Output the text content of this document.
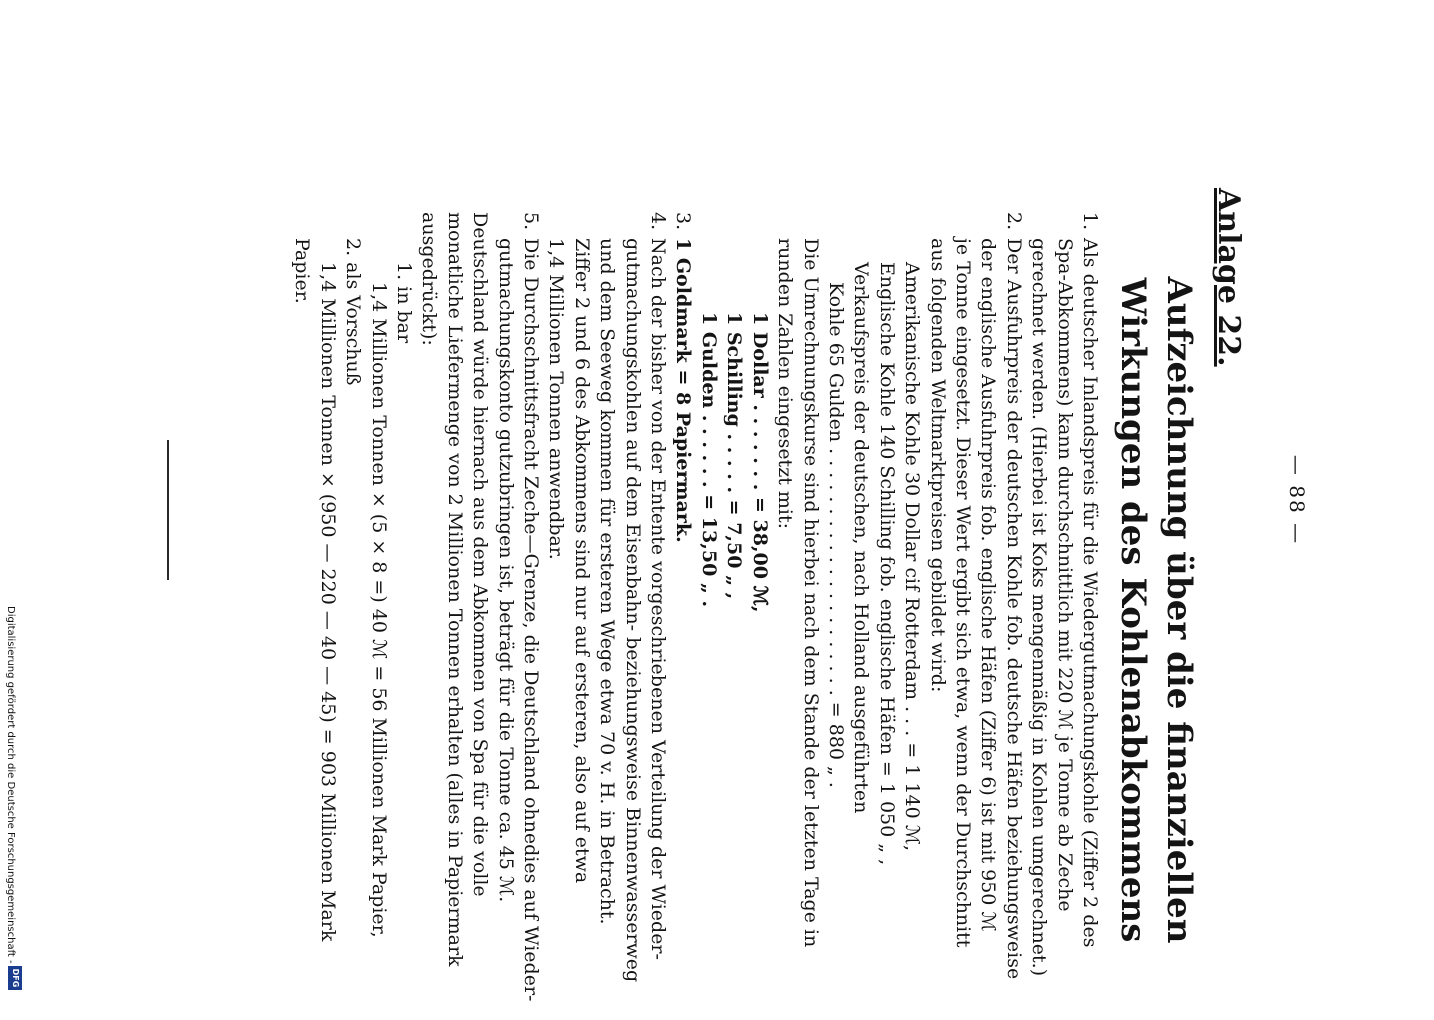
— 88 —
Anlage 22.
Aufzeichnung über die finanziellen Wirkungen des Kohlenabkommens
1.Als deutscher Inlandspreis für die Wiedergutmachungskohle (Ziffer 2 des
Spa-Abkommens) kann durchschnittlich mit 220 ℳ je Tonne ab Zeche
gerechnet werden. (Hierbei ist Koks mengenmäßig in Kohlen umgerechnet.)
2.Der Ausfuhrpreis der deutschen Kohle fob. deutsche Häfen beziehungsweise
der englische Ausfuhrpreis fob. englische Häfen (Ziffer 6) ist mit 950 ℳ
je Tonne eingesetzt. Dieser Wert ergibt sich etwa, wenn der Durchschnitt
aus folgenden Weltmarktpreisen gebildet wird:
Amerikanische Kohle 30 Dollar cif Rotterdam . . . = 1 140 ℳ,
Englische Kohle 140 Schilling fob. englische Häfen = 1 050 „ ,
Verkaufspreis der deutschen, nach Holland ausgeführten
Kohle 65 Gulden . . . . . . . . . . . . . . . . . . . . . = 880 „ .
Die Umrechnungskurse sind hierbei nach dem Stande der letzten Tage in
runden Zahlen eingesetzt mit:
1 Dollar . . . . . . . = 38,00 ℳ,
1 Schilling . . . . . = 7,50 „ ,
1 Gulden . . . . . . = 13,50 „ .
3.1 Goldmark = 8 Papiermark.
4.Nach der bisher von der Entente vorgeschriebenen Verteilung der Wieder-
gutmachungskohlen auf dem Eisenbahn- beziehungsweise Binnenwasserweg
und dem Seeweg kommen für ersteren Wege etwa 70 v. H. in Betracht.
Ziffer 2 und 6 des Abkommens sind nur auf ersteren, also auf etwa
1,4 Millionen Tonnen anwendbar.
5.Die Durchschnittsfracht Zeche—Grenze, die Deutschland ohnedies auf Wieder-
gutmachungskonto gutzubringen ist, beträgt für die Tonne ca. 45 ℳ.
Deutschland würde hiernach aus dem Abkommen von Spa für die volle
monatliche Liefermenge von 2 Millionen Tonnen erhalten (alles in Papiermark
ausgedrückt):
1. in bar
1,4 Millionen Tonnen × (5 × 8 =) 40 ℳ = 56 Millionen Mark Papier,
2. als Vorschuß
1,4 Millionen Tonnen × (950 — 220 — 40 — 45) = 903 Millionen Mark
Papier.
Digitalisierung gefördert durch die Deutsche Forschungsgemeinschaft -
DFG
